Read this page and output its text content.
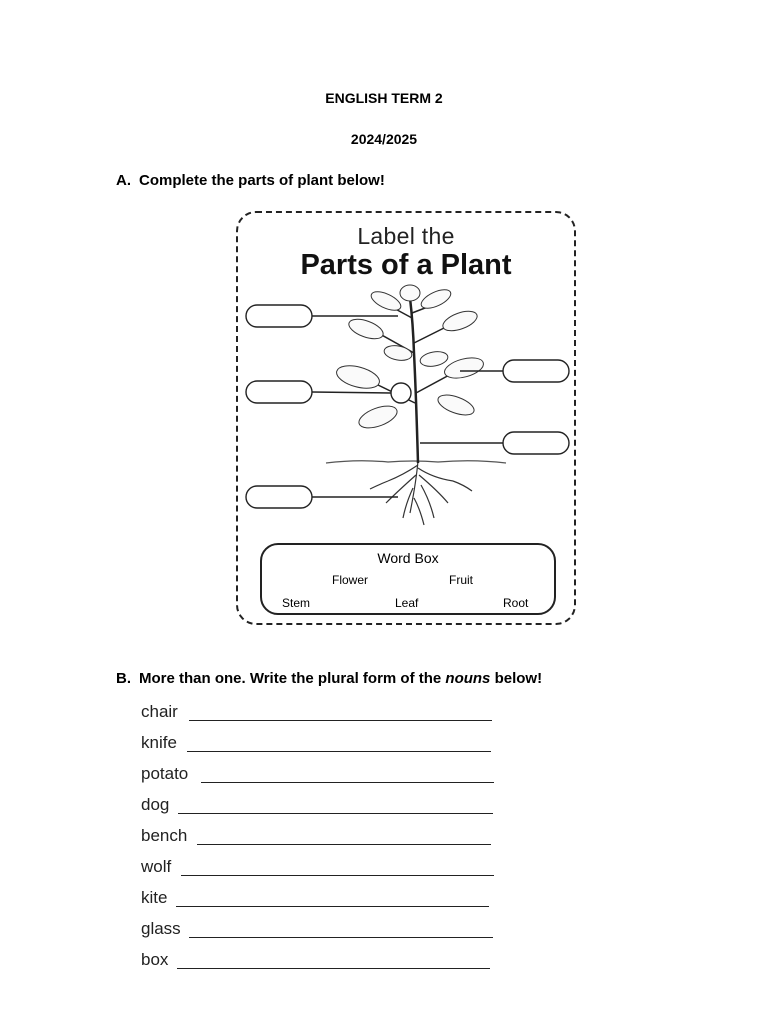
ENGLISH TERM 2
2024/2025
A. Complete the parts of plant below!
Label the
Parts of a Plant
Word Box
Flower	Fruit
Stem	Leaf	Root
B. More than one. Write the plural form of the nouns below!
chair
knife
potato
dog
bench
wolf
kite
glass
box
